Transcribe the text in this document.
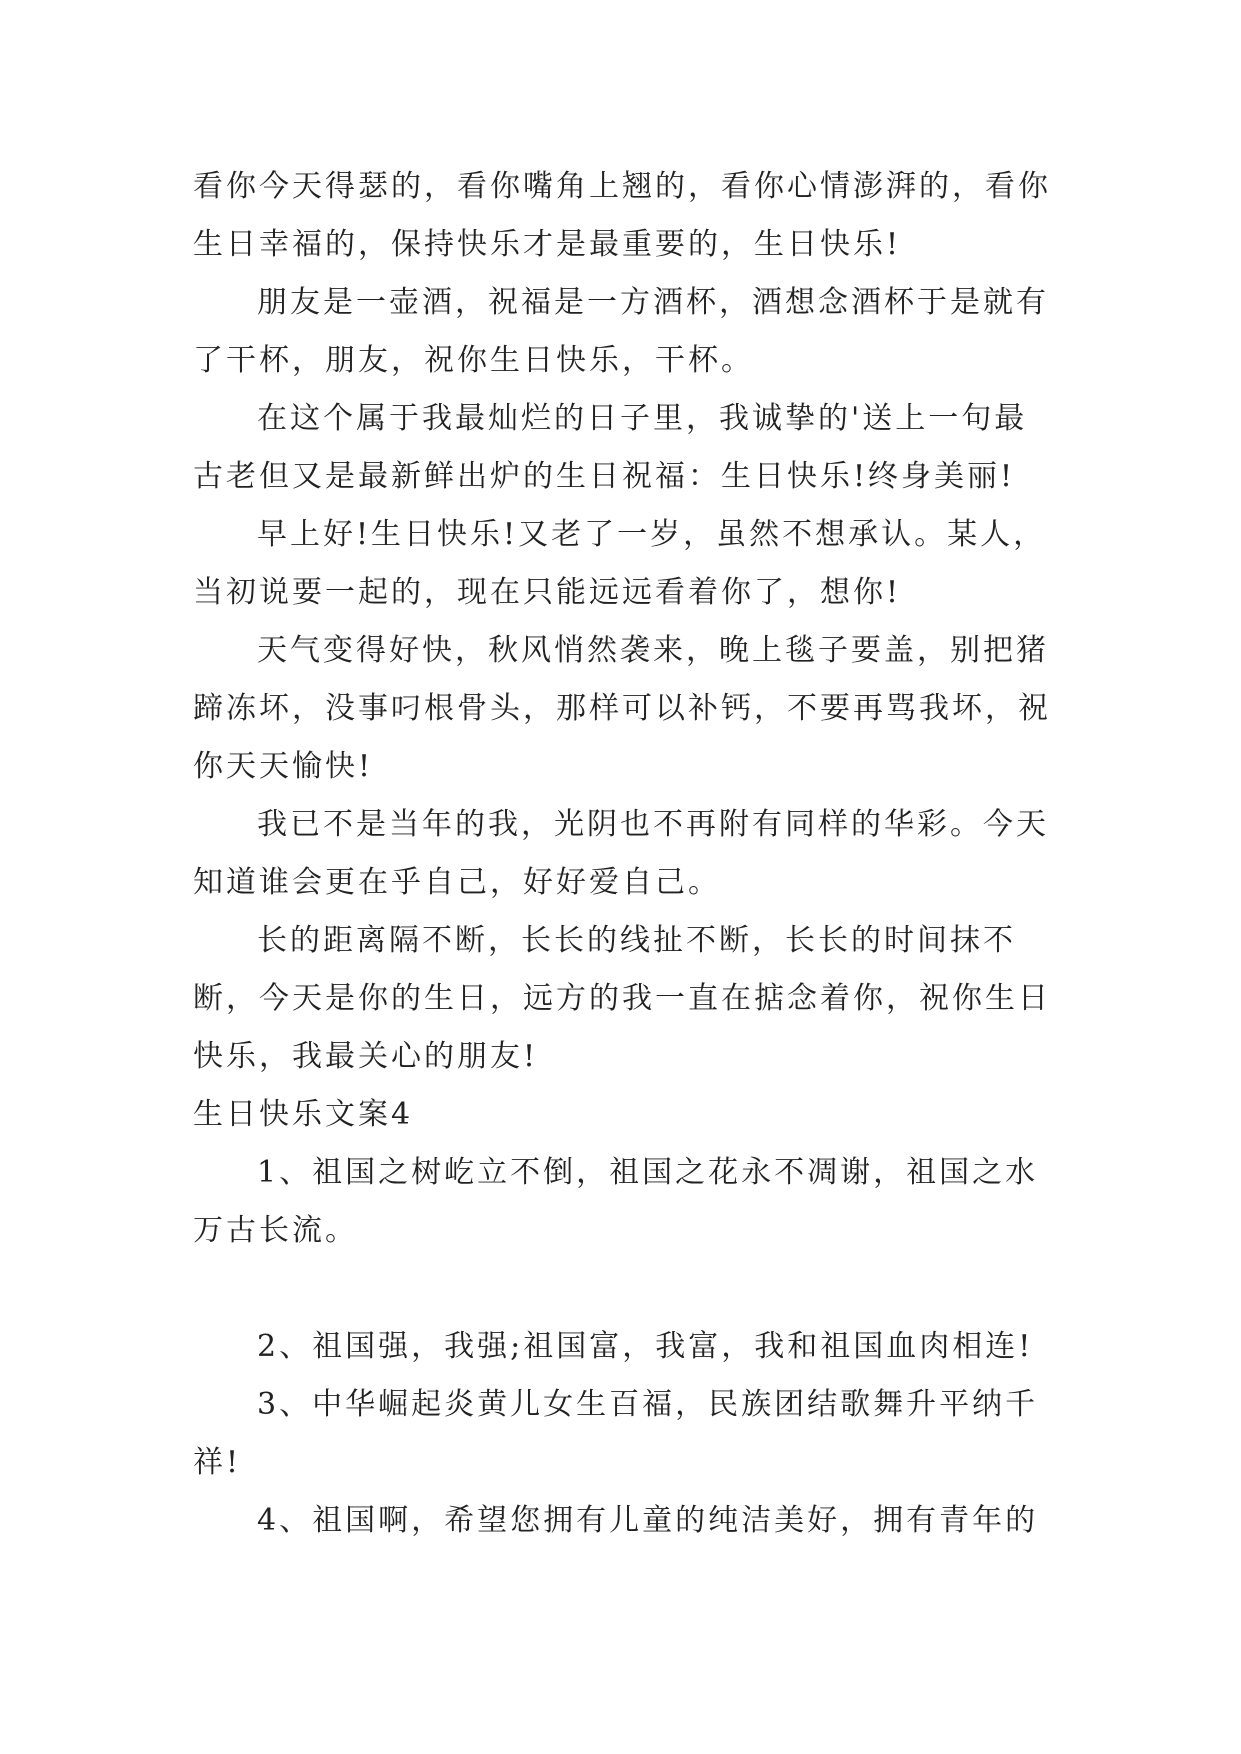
看你今天得瑟的，看你嘴角上翘的，看你心情澎湃的，看你生日幸福的，保持快乐才是最重要的，生日快乐!

朋友是一壶酒，祝福是一方酒杯，酒想念酒杯于是就有了干杯，朋友，祝你生日快乐，干杯。

在这个属于我最灿烂的日子里，我诚挚的'送上一句最古老但又是最新鲜出炉的生日祝福：生日快乐!终身美丽!

早上好!生日快乐!又老了一岁，虽然不想承认。某人，当初说要一起的，现在只能远远看着你了，想你!

天气变得好快，秋风悄然袭来，晚上毯子要盖，别把猪蹄冻坏，没事叼根骨头，那样可以补钙，不要再骂我坏，祝你天天愉快!

我已不是当年的我，光阴也不再附有同样的华彩。今天知道谁会更在乎自己，好好爱自己。

长的距离隔不断，长长的线扯不断，长长的时间抹不断，今天是你的生日，远方的我一直在掂念着你，祝你生日快乐，我最关心的朋友!

生日快乐文案4

1、祖国之树屹立不倒，祖国之花永不凋谢，祖国之水万古长流。

2、祖国强，我强;祖国富，我富，我和祖国血肉相连!

3、中华崛起炎黄儿女生百福，民族团结歌舞升平纳千祥!

4、祖国啊，希望您拥有儿童的纯洁美好，拥有青年的
